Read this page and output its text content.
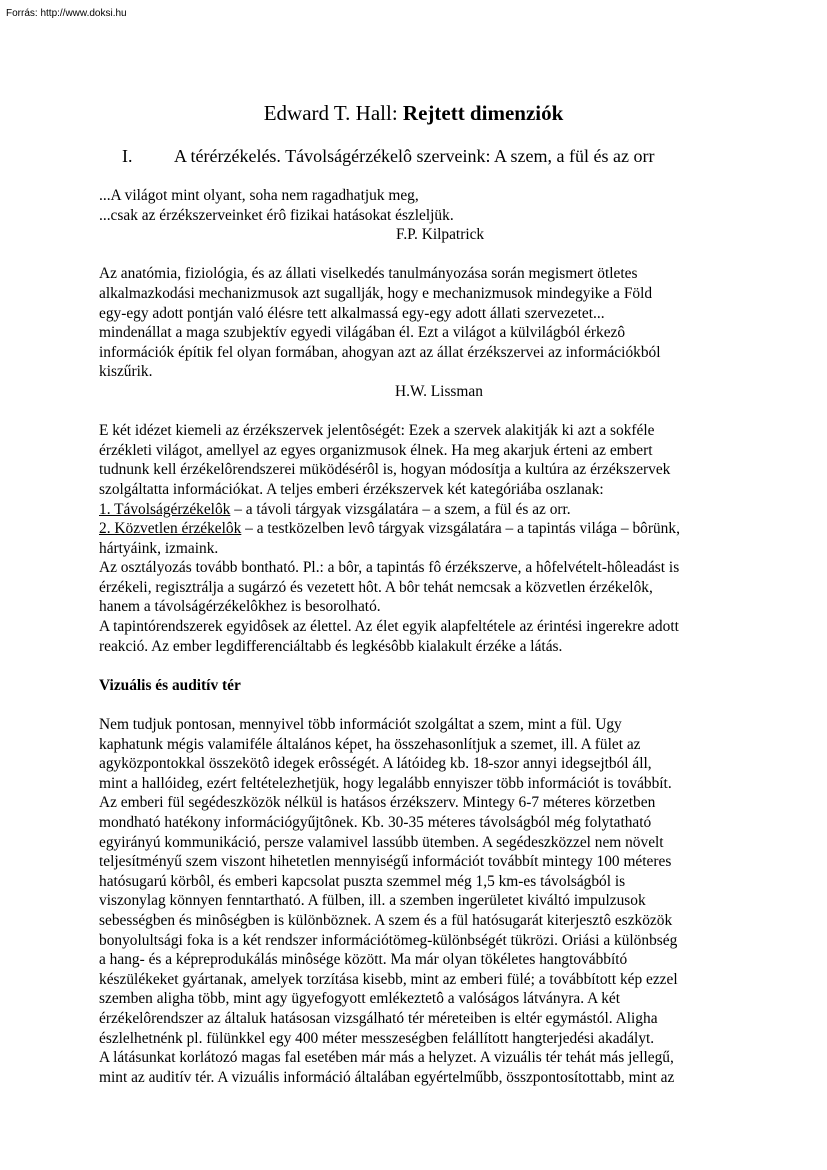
Forrás: http://www.doksi.hu
Edward T. Hall: Rejtett dimenziók
I. A térérzékelés. Távolságérzékelô szerveink: A szem, a fül és az orr
...A világot mint olyant, soha nem ragadhatjuk meg,
...csak az érzékszerveinket érô fizikai hatásokat észleljük.
F.P. Kilpatrick
Az anatómia, fiziológia, és az állati viselkedés tanulmányozása során megismert ötletes
alkalmazkodási mechanizmusok azt sugallják, hogy e mechanizmusok mindegyike a Föld
egy-egy adott pontján való élésre tett alkalmassá egy-egy adott állati szervezetet...
mindenállat a maga szubjektív egyedi világában él. Ezt a világot a külvilágból érkezô
információk építik fel olyan formában, ahogyan azt az állat érzékszervei az információkból
kiszűrik.
H.W. Lissman
E két idézet kiemeli az érzékszervek jelentôségét: Ezek a szervek alakitják ki azt a sokféle
érzékleti világot, amellyel az egyes organizmusok élnek. Ha meg akarjuk érteni az embert
tudnunk kell érzékelôrendszerei müködésérôl is, hogyan módosítja a kultúra az érzékszervek
szolgáltatta információkat. A teljes emberi érzékszervek két kategóriába oszlanak:
1. Távolságérzékelôk – a távoli tárgyak vizsgálatára – a szem, a fül és az orr.
2. Közvetlen érzékelôk – a testközelben levô tárgyak vizsgálatára – a tapintás világa – bôrünk,
hártyáink, izmaink.
Az osztályozás tovább bontható. Pl.: a bôr, a tapintás fô érzékszerve, a hôfelvételt-hôleadást is
érzékeli, regisztrálja a sugárzó és vezetett hôt. A bôr tehát nemcsak a közvetlen érzékelôk,
hanem a távolságérzékelôkhez is besorolható.
A tapintórendszerek egyidôsek az élettel. Az élet egyik alapfeltétele az érintési ingerekre adott
reakció. Az ember legdifferenciáltabb és legkésôbb kialakult érzéke a látás.
Vizuális és auditív tér
Nem tudjuk pontosan, mennyivel több információt szolgáltat a szem, mint a fül. Ugy
kaphatunk mégis valamiféle általános képet, ha összehasonlítjuk a szemet, ill. A fület az
agyközpontokkal összekötô idegek erôsségét. A látóideg kb. 18-szor annyi idegsejtból áll,
mint a hallóideg, ezért feltételezhetjük, hogy legalább ennyiszer több információt is továbbít.
Az emberi fül segédeszközök nélkül is hatásos érzékszerv. Mintegy 6-7 méteres körzetben
mondható hatékony információgyűjtônek. Kb. 30-35 méteres távolságból még folytatható
egyirányú kommunikáció, persze valamivel lassúbb ütemben. A segédeszközzel nem növelt
teljesítményű szem viszont hihetetlen mennyiségű információt továbbít mintegy 100 méteres
hatósugarú körbôl, és emberi kapcsolat puszta szemmel még 1,5 km-es távolságból is
viszonylag könnyen fenntartható. A fülben, ill. a szemben ingerületet kiváltó impulzusok
sebességben és minôségben is különböznek. A szem és a fül hatósugarát kiterjesztô eszközök
bonyolultsági foka is a két rendszer információtömeg-különbségét tükrözi. Oriási a különbség
a hang- és a képreprodukálás minôsége között. Ma már olyan tökéletes hangtovábbító
készülékeket gyártanak, amelyek torzítása kisebb, mint az emberi fülé; a továbbított kép ezzel
szemben aligha több, mint agy ügyefogyott emlékeztetô a valóságos látványra. A két
érzékelôrendszer az általuk hatásosan vizsgálható tér méreteiben is eltér egymástól. Aligha
észlelhetnénk pl. fülünkkel egy 400 méter messzeségben felállított hangterjedési akadályt.
A látásunkat korlátozó magas fal esetében már más a helyzet. A vizuális tér tehát más jellegű,
mint az auditív tér. A vizuális információ általában egyértelműbb, összpontosítottabb, mint az
